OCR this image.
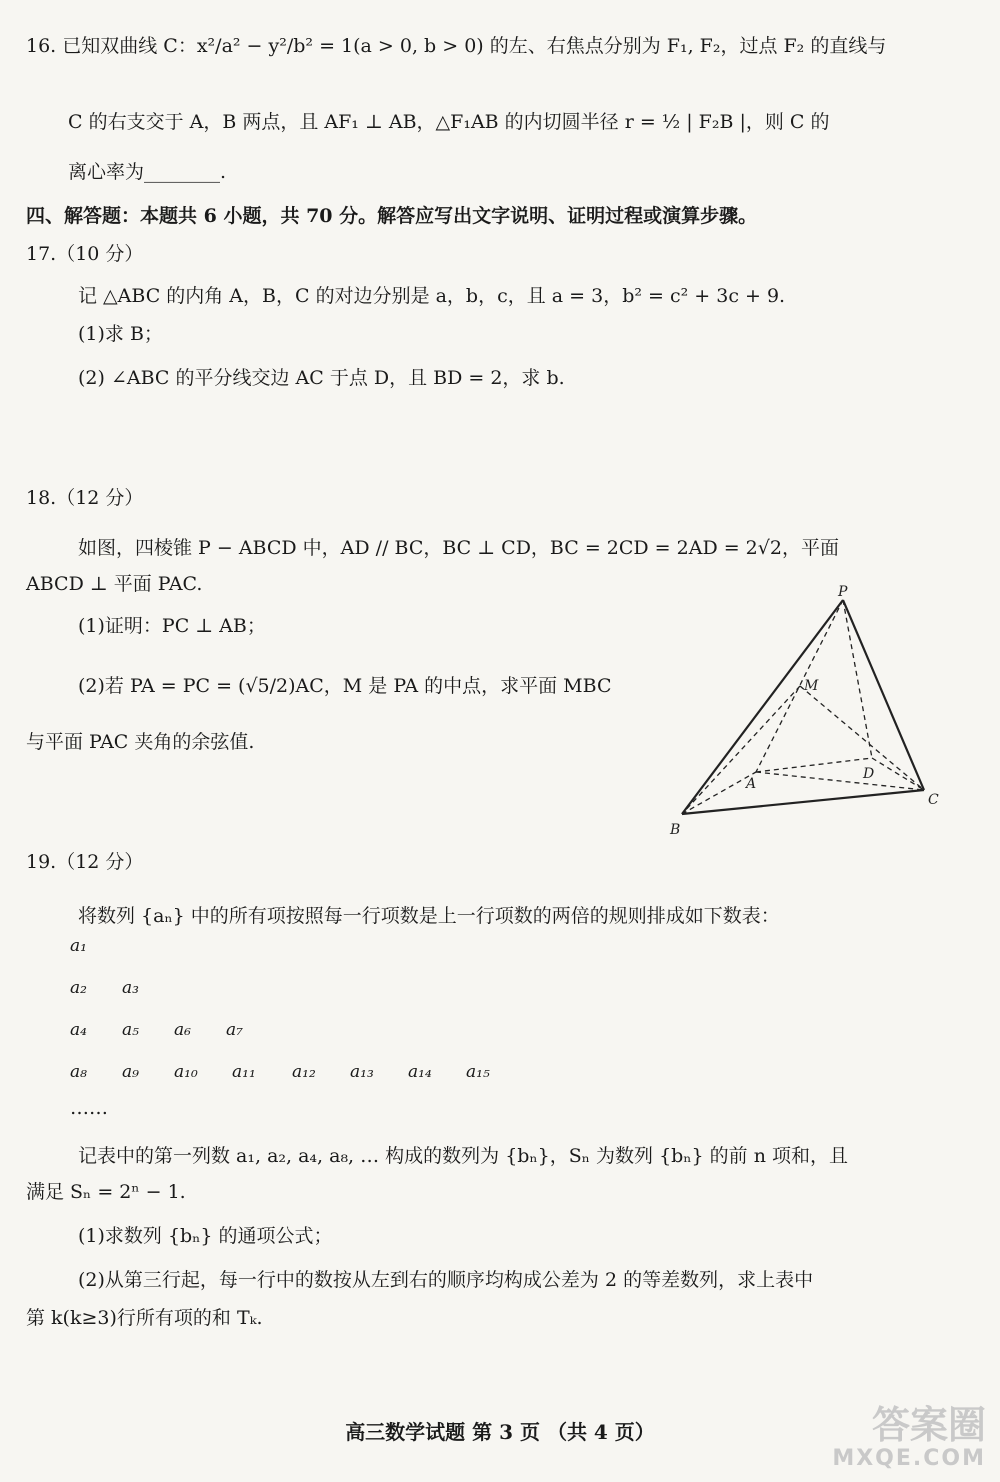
16. 已知双曲线 C：x²/a² − y²/b² = 1(a > 0, b > 0) 的左、右焦点分别为 F₁, F₂，过点 F₂ 的直线与
C 的右支交于 A，B 两点，且 AF₁ ⊥ AB，△F₁AB 的内切圆半径 r = ½ | F₂B |，则 C 的
离心率为________.
四、解答题：本题共 6 小题，共 70 分。解答应写出文字说明、证明过程或演算步骤。
17.（10 分）
记 △ABC 的内角 A，B，C 的对边分别是 a，b，c，且 a = 3，b² = c² + 3c + 9.
(1)求 B；
(2) ∠ABC 的平分线交边 AC 于点 D，且 BD = 2，求 b.
18.（12 分）
如图，四棱锥 P − ABCD 中，AD // BC，BC ⊥ CD，BC = 2CD = 2AD = 2√2，平面
ABCD ⊥ 平面 PAC.
(1)证明：PC ⊥ AB；
(2)若 PA = PC = (√5/2)AC，M 是 PA 的中点，求平面 MBC
与平面 PAC 夹角的余弦值.
P
M
A
D
C
B
19.（12 分）
将数列 {aₙ} 中的所有项按照每一行项数是上一行项数的两倍的规则排成如下数表：
a₁
a₂ a₃
a₄ a₅ a₆ a₇
a₈ a₉ a₁₀ a₁₁ a₁₂ a₁₃ a₁₄ a₁₅
……
记表中的第一列数 a₁, a₂, a₄, a₈, … 构成的数列为 {bₙ}，Sₙ 为数列 {bₙ} 的前 n 项和，且
满足 Sₙ = 2ⁿ − 1.
(1)求数列 {bₙ} 的通项公式；
(2)从第三行起，每一行中的数按从左到右的顺序均构成公差为 2 的等差数列，求上表中
第 k(k≥3)行所有项的和 Tₖ.
高三数学试题 第 3 页 （共 4 页）	答案圈
MXQE.COM
